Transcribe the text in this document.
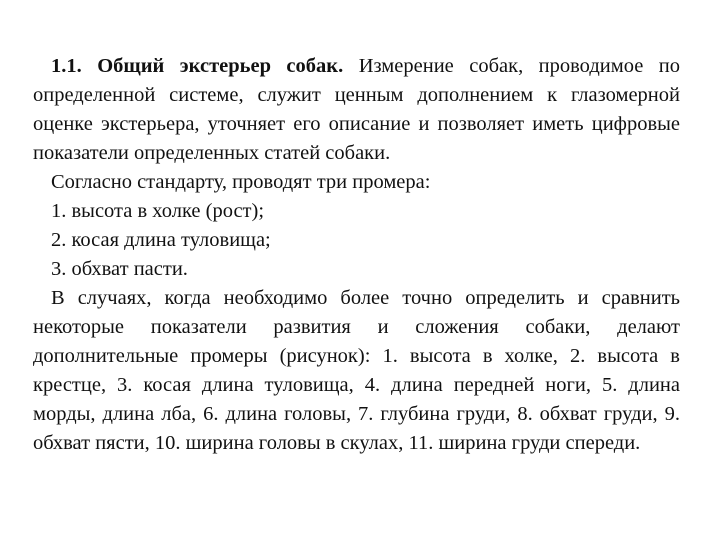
1.1. Общий экстерьер собак. Измерение собак, проводимое по определенной системе, служит ценным дополнением к глазомерной оценке экстерьера, уточняет его описание и позволяет иметь цифровые показатели определенных статей собаки.

Согласно стандарту, проводят три промера:

1. высота в холке (рост);

2. косая длина туловища;

3. обхват пасти.

В случаях, когда необходимо более точно определить и сравнить некоторые показатели развития и сложения собаки, делают дополнительные промеры (рисунок): 1. высота в холке, 2. высота в крестце, 3. косая длина туловища, 4. длина передней ноги, 5. длина морды, длина лба, 6. длина головы, 7. глубина груди, 8. обхват груди, 9. обхват пясти, 10. ширина головы в скулах, 11. ширина груди спереди.
